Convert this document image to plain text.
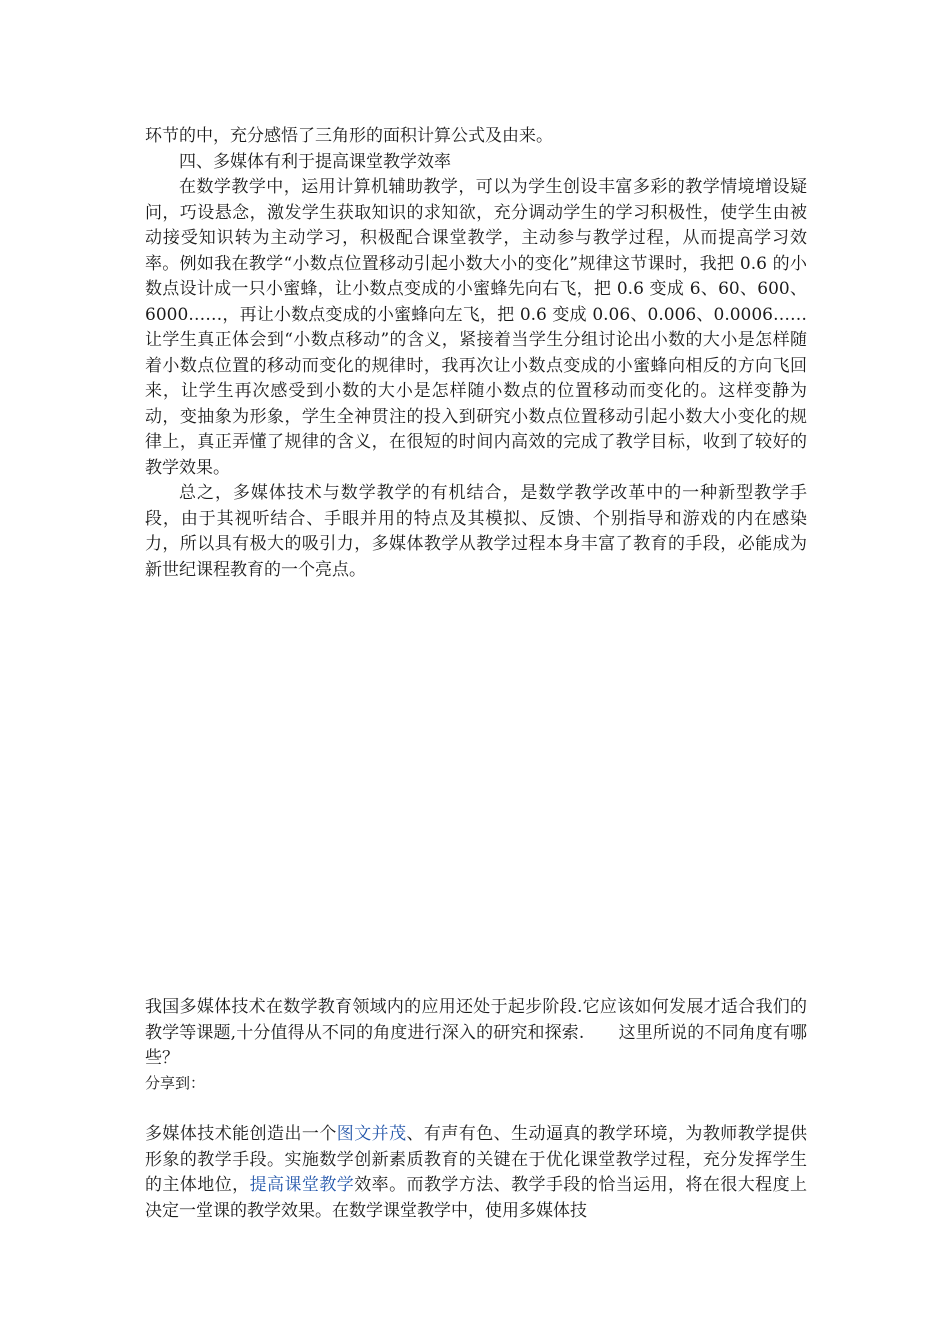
环节的中，充分感悟了三角形的面积计算公式及由来。

四、多媒体有利于提高课堂教学效率

在数学教学中，运用计算机辅助教学，可以为学生创设丰富多彩的教学情境增设疑问，巧设悬念，激发学生获取知识的求知欲，充分调动学生的学习积极性，使学生由被动接受知识转为主动学习，积极配合课堂教学，主动参与教学过程，从而提高学习效率。例如我在教学“小数点位置移动引起小数大小的变化”规律这节课时，我把 0.6 的小数点设计成一只小蜜蜂，让小数点变成的小蜜蜂先向右飞，把 0.6 变成 6、60、600、6000……，再让小数点变成的小蜜蜂向左飞，把 0.6 变成 0.06、0.006、0.0006……让学生真正体会到“小数点移动”的含义，紧接着当学生分组讨论出小数的大小是怎样随着小数点位置的移动而变化的规律时，我再次让小数点变成的小蜜蜂向相反的方向飞回来，让学生再次感受到小数的大小是怎样随小数点的位置移动而变化的。这样变静为动，变抽象为形象，学生全神贯注的投入到研究小数点位置移动引起小数大小变化的规律上，真正弄懂了规律的含义，在很短的时间内高效的完成了教学目标，收到了较好的教学效果。

总之，多媒体技术与数学教学的有机结合，是数学教学改革中的一种新型教学手段，由于其视听结合、手眼并用的特点及其模拟、反馈、个别指导和游戏的内在感染力，所以具有极大的吸引力，多媒体教学从教学过程本身丰富了教育的手段，必能成为新世纪课程教育的一个亮点。

我国多媒体技术在数学教育领域内的应用还处于起步阶段.它应该如何发展才适合我们的教学等课题,十分值得从不同的角度进行深入的研究和探索.　　这里所说的不同角度有哪些？

分享到：

多媒体技术能创造出一个图文并茂、有声有色、生动逼真的教学环境，为教师教学提供形象的教学手段。实施数学创新素质教育的关键在于优化课堂教学过程，充分发挥学生的主体地位，提高课堂教学效率。而教学方法、教学手段的恰当运用，将在很大程度上决定一堂课的教学效果。在数学课堂教学中，使用多媒体技
